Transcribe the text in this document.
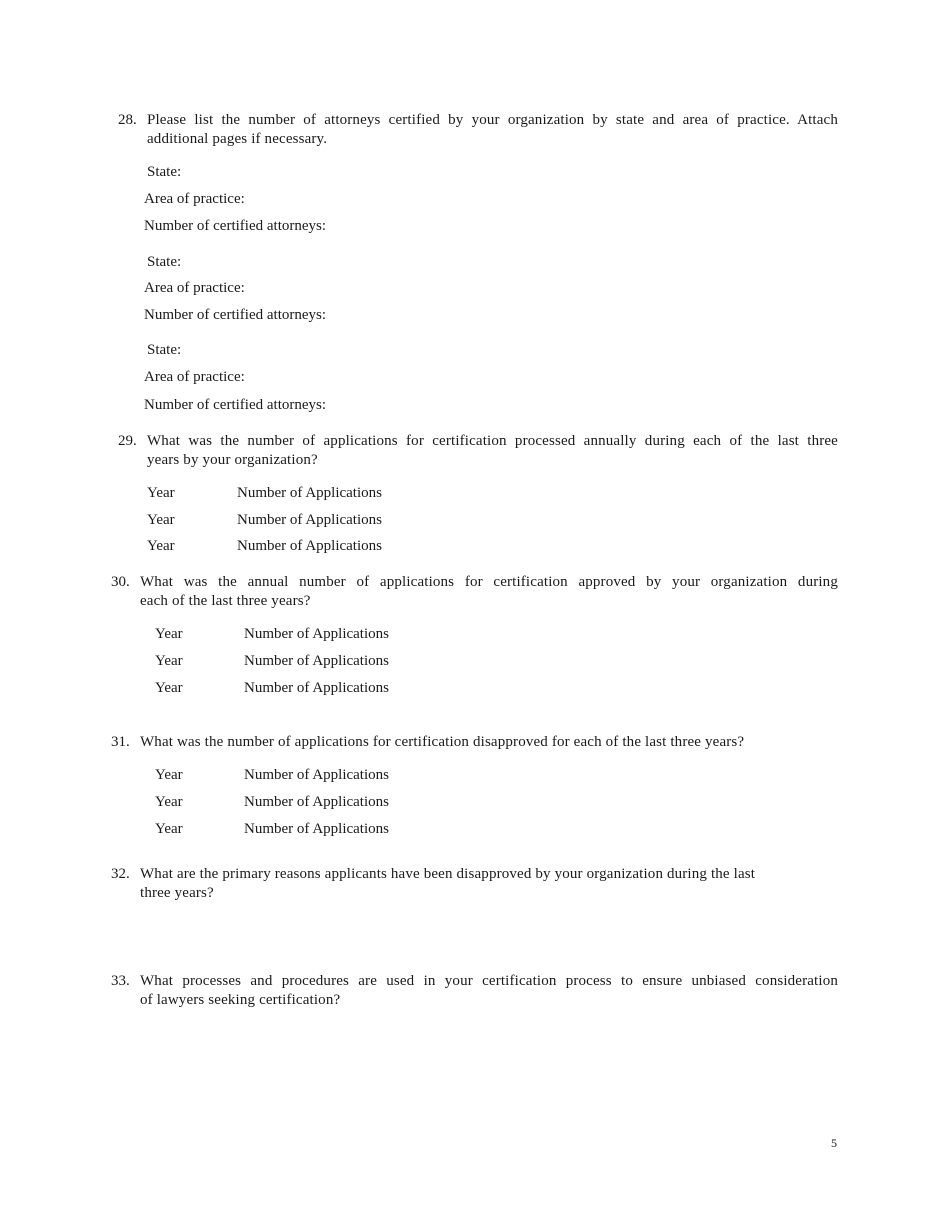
28. Please list the number of attorneys certified by your organization by state and area of practice. Attach
additional pages if necessary.
State:
Area of practice:
Number of certified attorneys:
State:
Area of practice:
Number of certified attorneys:
State:
Area of practice:
Number of certified attorneys:
29. What was the number of applications for certification processed annually during each of the last three
years by your organization?
Year	Number of Applications
Year	Number of Applications
Year	Number of Applications
30. What was the annual number of applications for certification approved by your organization during
each of the last three years?
Year	Number of Applications
Year	Number of Applications
Year	Number of Applications
31. What was the number of applications for certification disapproved for each of the last three years?
Year	Number of Applications
Year	Number of Applications
Year	Number of Applications
32. What are the primary reasons applicants have been disapproved by your organization during the last
three years?
33. What processes and procedures are used in your certification process to ensure unbiased consideration
of lawyers seeking certification?
5
